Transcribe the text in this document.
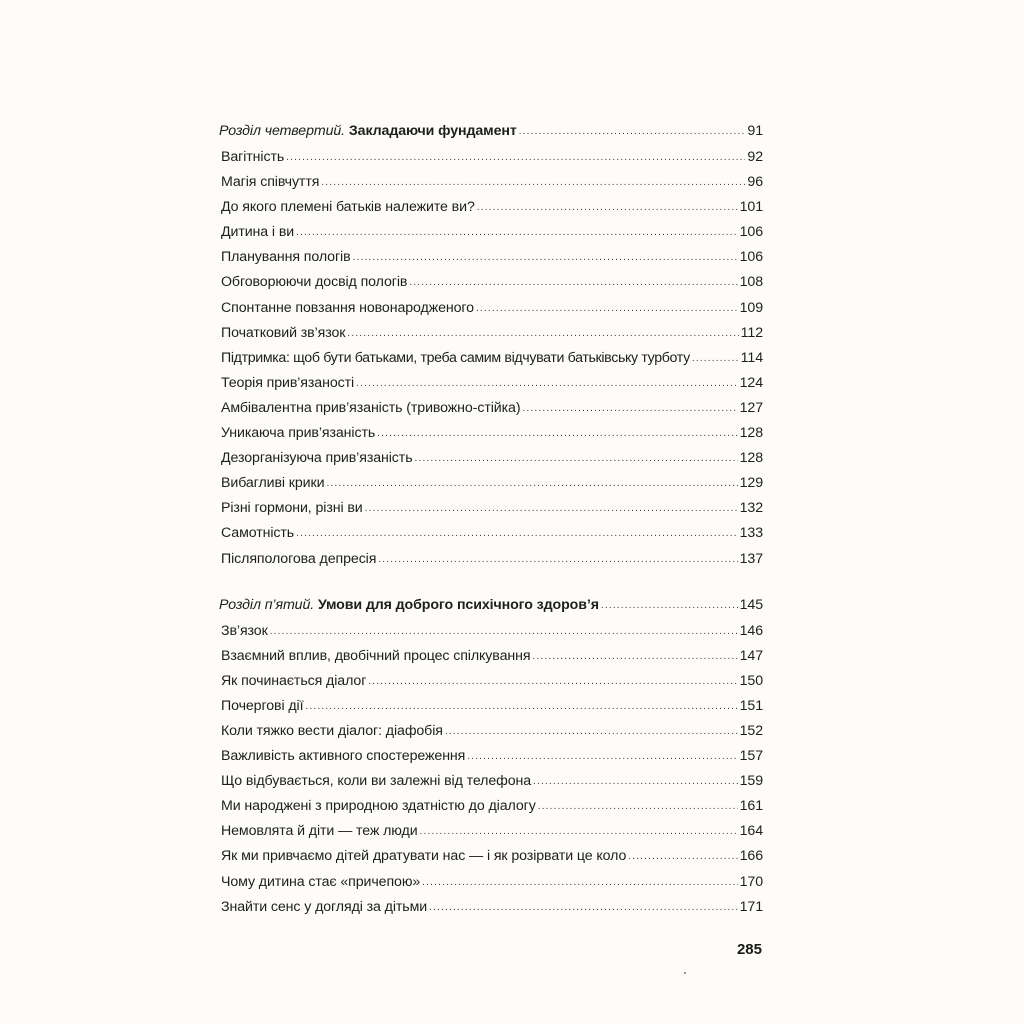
Розділ четвертий. Закладаючи фундамент .....	91
Вагітність .....	92
Магія співчуття .....	96
До якого племені батьків належите ви? .....	101
Дитина і ви .....	106
Планування пологів .....	106
Обговорюючи досвід пологів .....	108
Спонтанне повзання новонародженого .....	109
Початковий зв’язок .....	112
Підтримка: щоб бути батьками, треба самим відчувати батьківську турботу .....	114
Теорія прив’язаності .....	124
Амбівалентна прив’язаність (тривожно-стійка) .....	127
Уникаюча прив’язаність .....	128
Дезорганізуюча прив’язаність .....	128
Вибагливі крики .....	129
Різні гормони, різні ви .....	132
Самотність .....	133
Післяпологова депресія .....	137
Розділ п’ятий. Умови для доброго психічного здоров’я .....	145
Зв’язок .....	146
Взаємний вплив, двобічний процес спілкування .....	147
Як починається діалог .....	150
Почергові дії .....	151
Коли тяжко вести діалог: діафобія .....	152
Важливість активного спостереження .....	157
Що відбувається, коли ви залежні від телефона .....	159
Ми народжені з природною здатністю до діалогу .....	161
Немовлята й діти — теж люди .....	164
Як ми привчаємо дітей дратувати нас — і як розірвати це коло .....	166
Чому дитина стає «причепою» .....	170
Знайти сенс у догляді за дітьми .....	171
285
